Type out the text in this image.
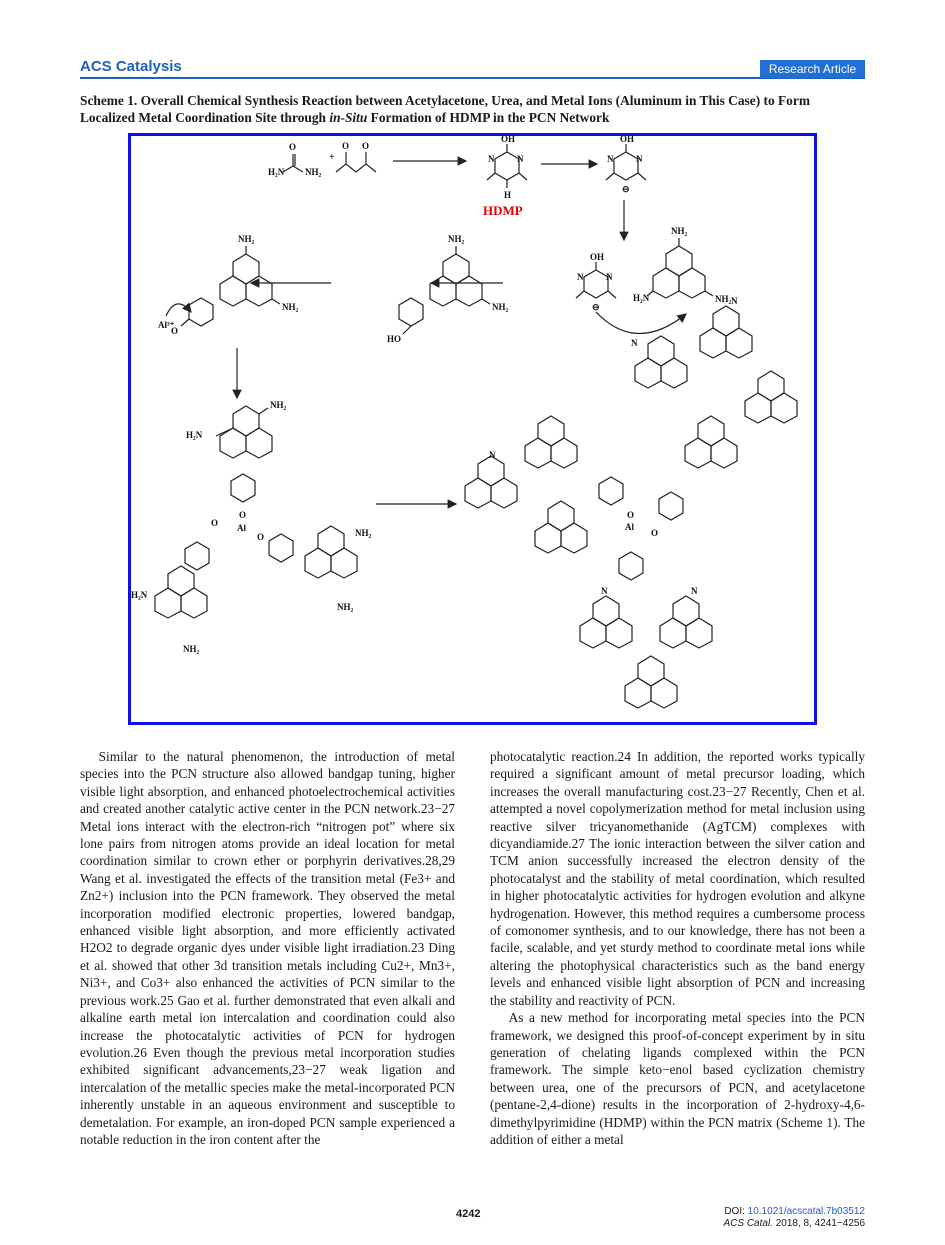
ACS Catalysis	Research Article
Scheme 1. Overall Chemical Synthesis Reaction between Acetylacetone, Urea, and Metal Ions (Aluminum in This Case) to Form Localized Metal Coordination Site through in-Situ Formation of HDMP in the PCN Network
H₂N
O
NH₂
+
O O
OH
N	N
H
HDMP
OH
N	N
⊖
OH
N	N
⊖
NH₂
H₂N	NH₂
NH₂
NH₂
HO
NH₂
NH₂
O
Al³⁺
H₂N
NH₂
O
Al
O
O
H₂N
NH₂
NH₂
NH₂
O
Al
O
N
N
N
N	N

Similar to the natural phenomenon, the introduction of metal species into the PCN structure also allowed bandgap tuning, higher visible light absorption, and enhanced photoelectrochemical activities and created another catalytic active center in the PCN network.23−27 Metal ions interact with the electron-rich “nitrogen pot” where six lone pairs from nitrogen atoms provide an ideal location for metal coordination similar to crown ether or porphyrin derivatives.28,29 Wang et al. investigated the effects of the transition metal (Fe3+ and Zn2+) inclusion into the PCN framework. They observed the metal incorporation modified electronic properties, lowered bandgap, enhanced visible light absorption, and more efficiently activated H2O2 to degrade organic dyes under visible light irradiation.23 Ding et al. showed that other 3d transition metals including Cu2+, Mn3+, Ni3+, and Co3+ also enhanced the activities of PCN similar to the previous work.25 Gao et al. further demonstrated that even alkali and alkaline earth metal ion intercalation and coordination could also increase the photocatalytic activities of PCN for hydrogen evolution.26 Even though the previous metal incorporation studies exhibited significant advancements,23−27 weak ligation and intercalation of the metallic species make the metal-incorporated PCN inherently unstable in an aqueous environment and susceptible to demetalation. For example, an iron-doped PCN sample experienced a notable reduction in the iron content after the

photocatalytic reaction.24 In addition, the reported works typically required a significant amount of metal precursor loading, which increases the overall manufacturing cost.23−27 Recently, Chen et al. attempted a novel copolymerization method for metal inclusion using reactive silver tricyanomethanide (AgTCM) complexes with dicyandiamide.27 The ionic interaction between the silver cation and TCM anion successfully increased the electron density of the photocatalyst and the stability of metal coordination, which resulted in higher photocatalytic activities for hydrogen evolution and alkyne hydrogenation. However, this method requires a cumbersome process of comonomer synthesis, and to our knowledge, there has not been a facile, scalable, and yet sturdy method to coordinate metal ions while altering the photophysical characteristics such as the band energy levels and enhanced visible light absorption of PCN and increasing the stability and reactivity of PCN.

As a new method for incorporating metal species into the PCN framework, we designed this proof-of-concept experiment by in situ generation of chelating ligands complexed within the PCN framework. The simple keto−enol based cyclization chemistry between urea, one of the precursors of PCN, and acetylacetone (pentane-2,4-dione) results in the incorporation of 2-hydroxy-4,6-dimethylpyrimidine (HDMP) within the PCN matrix (Scheme 1). The addition of either a metal

4242	DOI: 10.1021/acscatal.7b03512
ACS Catal. 2018, 8, 4241−4256
